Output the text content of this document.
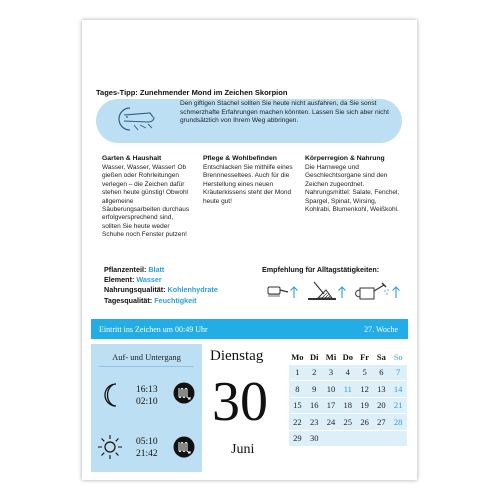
Tages-Tipp: Zunehmender Mond im Zeichen Skorpion
Den giftigen Stachel sollten Sie heute nicht ausfahren, da Sie sonst schmerzhafte Erfahrungen machen könnten. Lassen Sie sich aber nicht grundsätzlich von Ihrem Weg abbringen.
Garten & Haushalt

Wasser, Wasser, Wasser! Ob gießen oder Rohrleitungen verlegen – die Zeichen dafür stehen heute günstig! Obwohl allgemeine Säuberungsarbeiten durchaus erfolgversprechend sind, sollten Sie heute weder Schuhe noch Fenster putzen!

Pflege & Wohlbefinden

Entschlacken Sie mithilfe eines Brennnesseltees. Auch für die Herstellung eines neuen Kräuterkissens steht der Mond heute gut!

Körperregion & Nahrung

Die Harnwege und Geschlechtsorgane sind den Zeichen zugeordnet. Nahrungsmittel: Salate, Fenchel, Spargel, Spinat, Wirsing, Kohlrabi, Blumenkohl, Weißkohl.

Pflanzenteil: Blatt
Element: Wasser
Nahrungsqualität: Kohlenhydrate
Tagesqualität: Feuchtigkeit
Empfehlung für Alltagstätigkeiten:
Eintritt ins Zeichen um 00:49 Uhr	27. Woche
Auf- und Untergang
16:13
02:10
05:10
21:42
Dienstag
30
Juni
Mo Di Mi Do Fr Sa So
1	2	3	4	5	6	7
8	9	10 11 12 13 14
15 16 17 18 19 20 21
22 23 24 25 26 27 28
29 30
